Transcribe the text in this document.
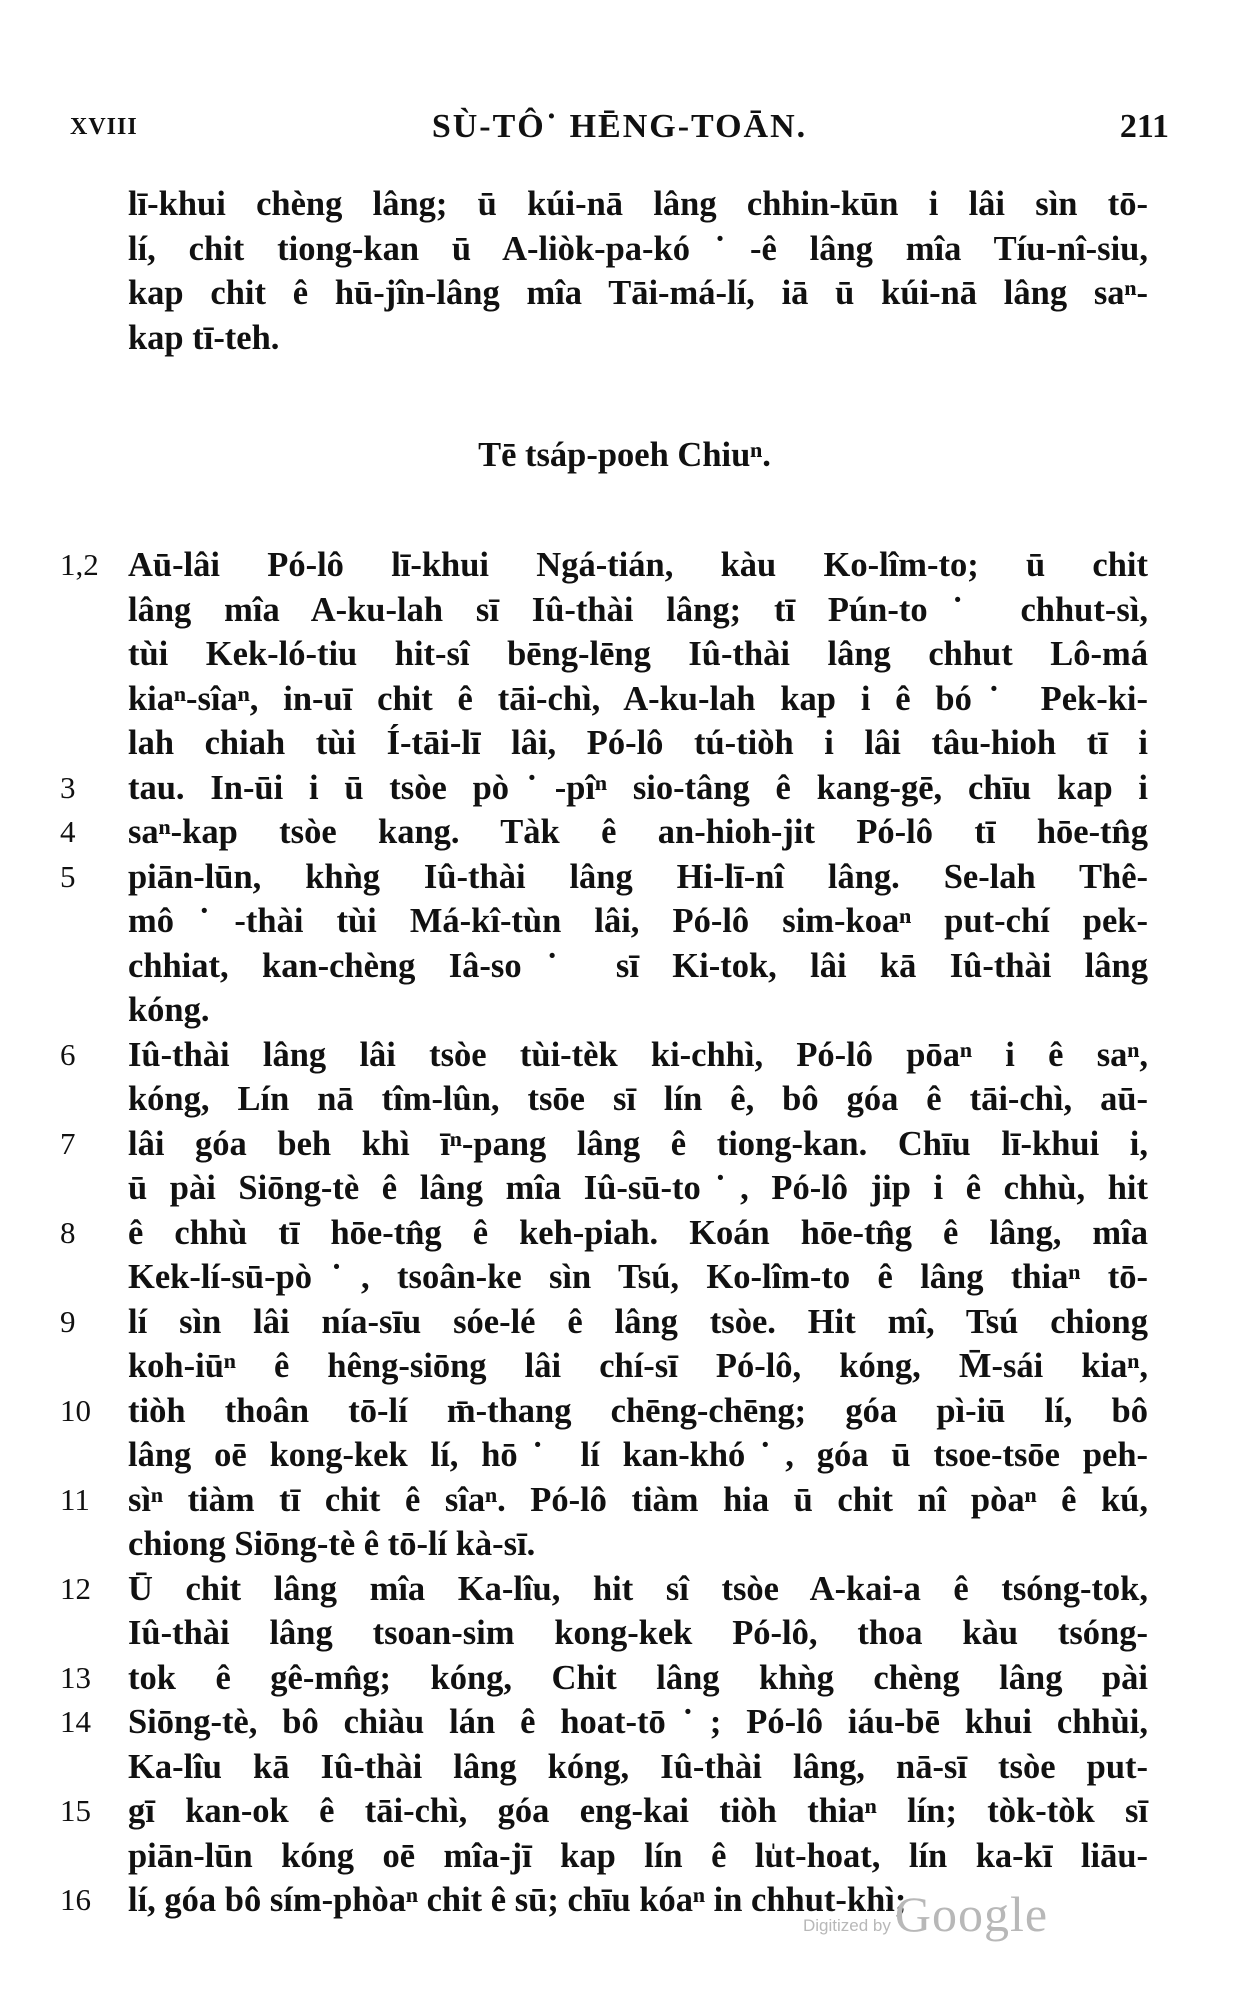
XVIII	SÙ-TÔ˙ HĒNG-TOĀN.	211
lī-khui chèng lâng; ū kúi-nā lâng chhin-kūn i lâi sìn tō-
lí, chit tiong-kan ū A-liòk-pa-kó˙-ê lâng mîa Tíu-nî-siu,
kap chit ê hū-jîn-lâng mîa Tāi-má-lí, iā ū kúi-nā lâng saⁿ-
kap tī-teh.
Tē tsáp-poeh Chiuⁿ.
1,2 Aū-lâi Pó-lô lī-khui Ngá-tián, kàu Ko-lîm-to; ū chit
lâng mîa A-ku-lah sī Iû-thài lâng; tī Pún-to˙ chhut-sì,
tùi Kek-ló-tiu hit-sî bēng-lēng Iû-thài lâng chhut Lô-má
kiaⁿ-sîaⁿ, in-uī chit ê tāi-chì, A-ku-lah kap i ê bó˙ Pek-ki-
lah chiah tùi Í-tāi-lī lâi, Pó-lô tú-tiòh i lâi tâu-hioh tī i
3	tau. In-ūi i ū tsòe pò˙-pîⁿ sio-tâng ê kang-gē, chīu kap i
4	saⁿ-kap tsòe kang. Tàk ê an-hioh-jit Pó-lô tī hōe-tn̂g
5	piān-lūn, khǹg Iû-thài lâng Hi-lī-nî lâng. Se-lah Thê-
mô˙-thài tùi Má-kî-tùn lâi, Pó-lô sim-koaⁿ put-chí pek-
chhiat, kan-chèng Iâ-so˙ sī Ki-tok, lâi kā Iû-thài lâng
kóng.
6	Iû-thài lâng lâi tsòe tùi-tèk ki-chhì, Pó-lô pōaⁿ i ê saⁿ,
kóng, Lín nā tîm-lûn, tsōe sī lín ê, bô góa ê tāi-chì, aū-
7	lâi góa beh khì īⁿ-pang lâng ê tiong-kan. Chīu lī-khui i,
ū pài Siōng-tè ê lâng mîa Iû-sū-to˙, Pó-lô jip i ê chhù, hit
8	ê chhù tī hōe-tn̂g ê keh-piah. Koán hōe-tn̂g ê lâng, mîa
Kek-lí-sū-pò˙, tsoân-ke sìn Tsú, Ko-lîm-to ê lâng thiaⁿ tō-
9	lí sìn lâi nía-sīu sóe-lé ê lâng tsòe. Hit mî, Tsú chiong
koh-iūⁿ ê hêng-siōng lâi chí-sī Pó-lô, kóng, M̄-sái kiaⁿ,
10	tiòh thoân tō-lí m̄-thang chēng-chēng; góa pì-iū lí, bô
lâng oē kong-kek lí, hō˙ lí kan-khó˙, góa ū tsoe-tsōe peh-
11	sìⁿ tiàm tī chit ê sîaⁿ. Pó-lô tiàm hia ū chit nî pòaⁿ ê kú,
chiong Siōng-tè ê tō-lí kà-sī.
12	Ū chit lâng mîa Ka-lîu, hit sî tsòe A-kai-a ê tsóng-tok,
Iû-thài lâng tsoan-sim kong-kek Pó-lô, thoa kàu tsóng-
13	tok ê gê-mn̂g; kóng, Chit lâng khǹg chèng lâng pài
14	Siōng-tè, bô chiàu lán ê hoat-tō˙; Pó-lô iáu-bē khui chhùi,
Ka-lîu kā Iû-thài lâng kóng, Iû-thài lâng, nā-sī tsòe put-
15	gī kan-ok ê tāi-chì, góa eng-kai tiòh thiaⁿ lín; tòk-tòk sī
piān-lūn kóng oē mîa-jī kap lín ê lu̍t-hoat, lín ka-kī liāu-
16	lí, góa bô sím-phòaⁿ chit ê sū; chīu kóaⁿ in chhut-khì;
Digitized by Google
